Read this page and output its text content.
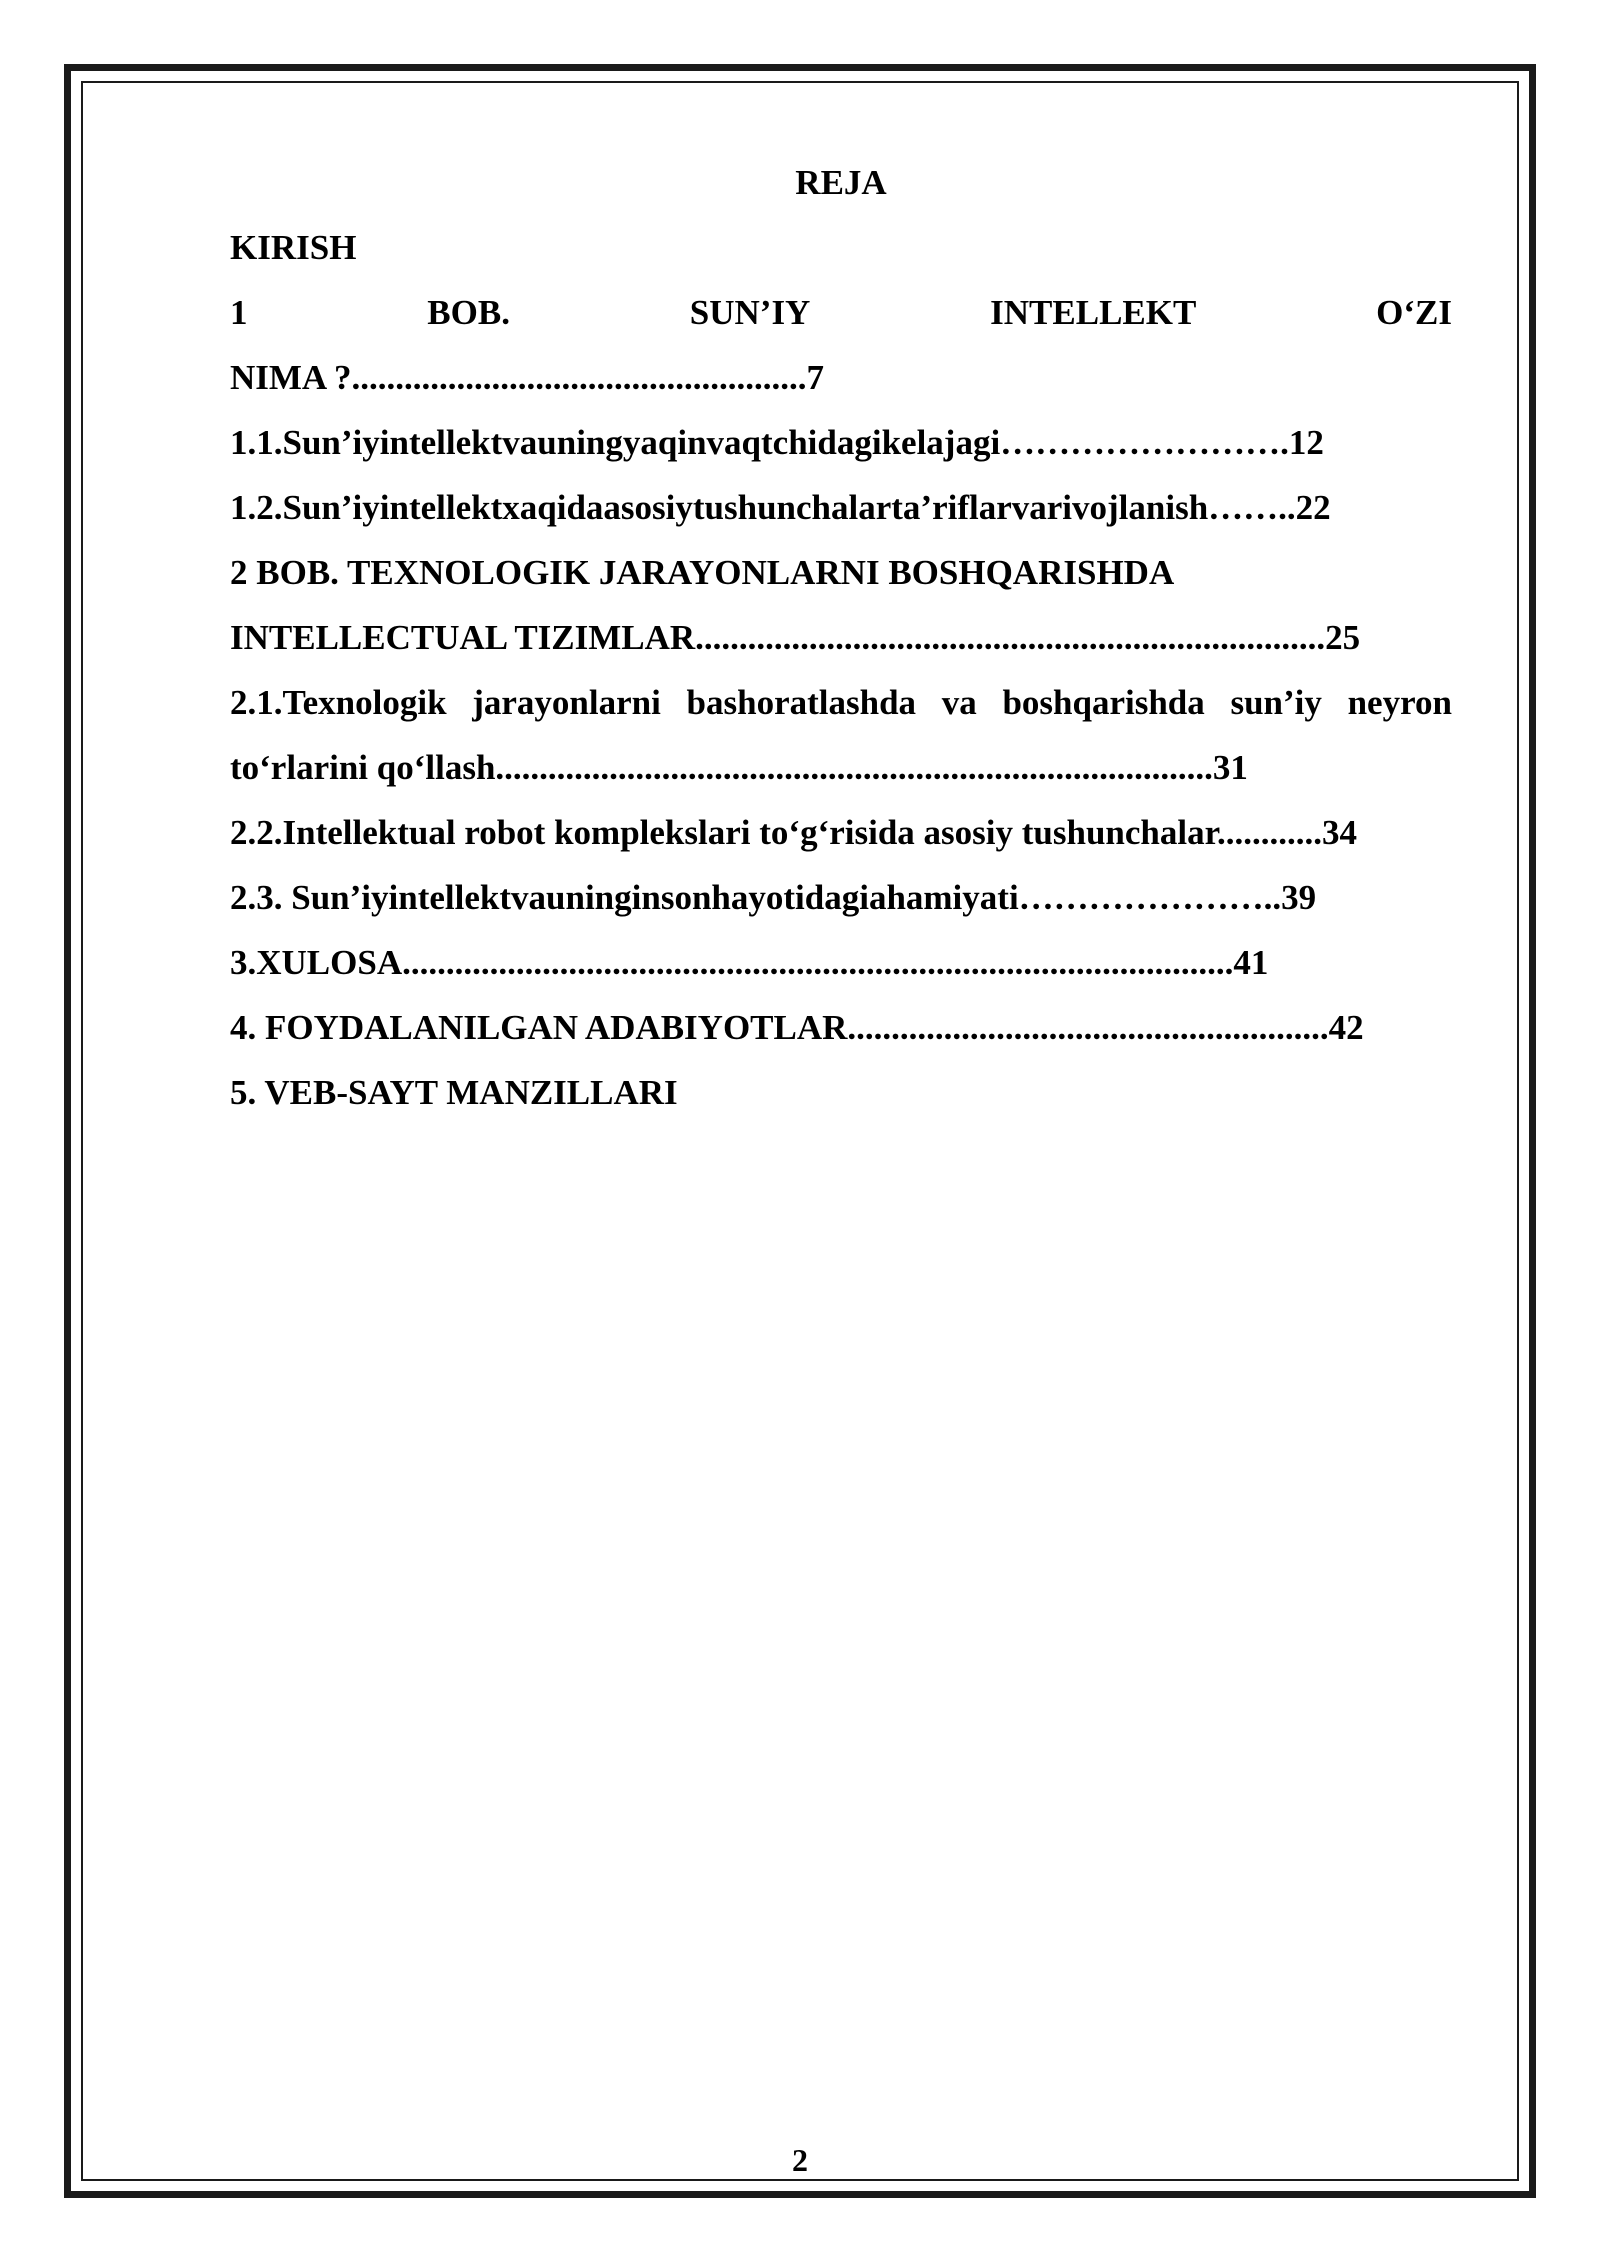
REJA
KIRISH
1	BOB.	SUN’IY	INTELLEKT	O‘ZI
NIMA ?....................................................7
1.1.Sun’iyintellektvauningyaqinvaqtchidagikelajagi…………………….12
1.2.Sun’iyintellektxaqidaasosiytushunchalarta’riflarvarivojlanish……..22
2 BOB. TEXNOLOGIK JARAYONLARNI BOSHQARISHDA
INTELLECTUAL TIZIMLAR........................................................................25
2.1.Texnologik jarayonlarni bashoratlashda va boshqarishda sun’iy neyron
to‘rlarini qo‘llash..................................................................................31
2.2.Intellektual robot komplekslari to‘g‘risida asosiy tushunchalar............34
2.3. Sun’iyintellektvauninginsonhayotidagiahamiyati…………………..39
3.XULOSA...............................................................................................41
4. FOYDALANILGAN ADABIYOTLAR.......................................................42
5. VEB-SAYT MANZILLARI
2
